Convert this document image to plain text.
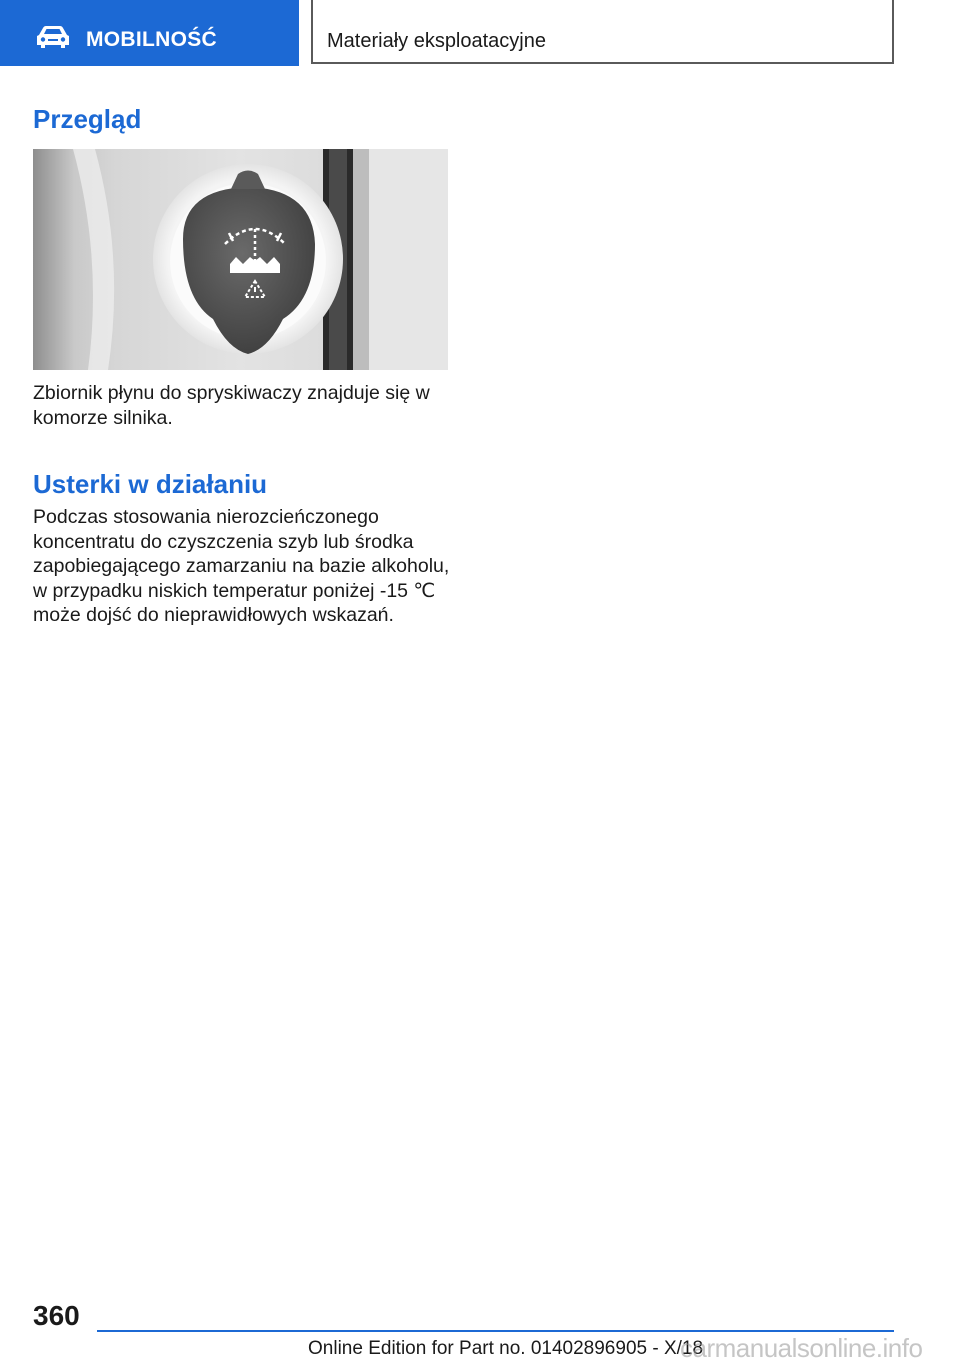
MOBILNOŚĆ	Materiały eksploatacyjne
Przegląd

Zbiornik płynu do spryskiwaczy znajduje się w komorze silnika.

Usterki w działaniu

Podczas stosowania nierozcieńczonego koncentratu do czyszczenia szyb lub środka zapobiegającego zamarzaniu na bazie alkoholu, w przypadku niskich temperatur poniżej -15 ℃ może dojść do nieprawidłowych wskazań.

360
Online Edition for Part no. 01402896905 - X/18
carmanualsonline.info
